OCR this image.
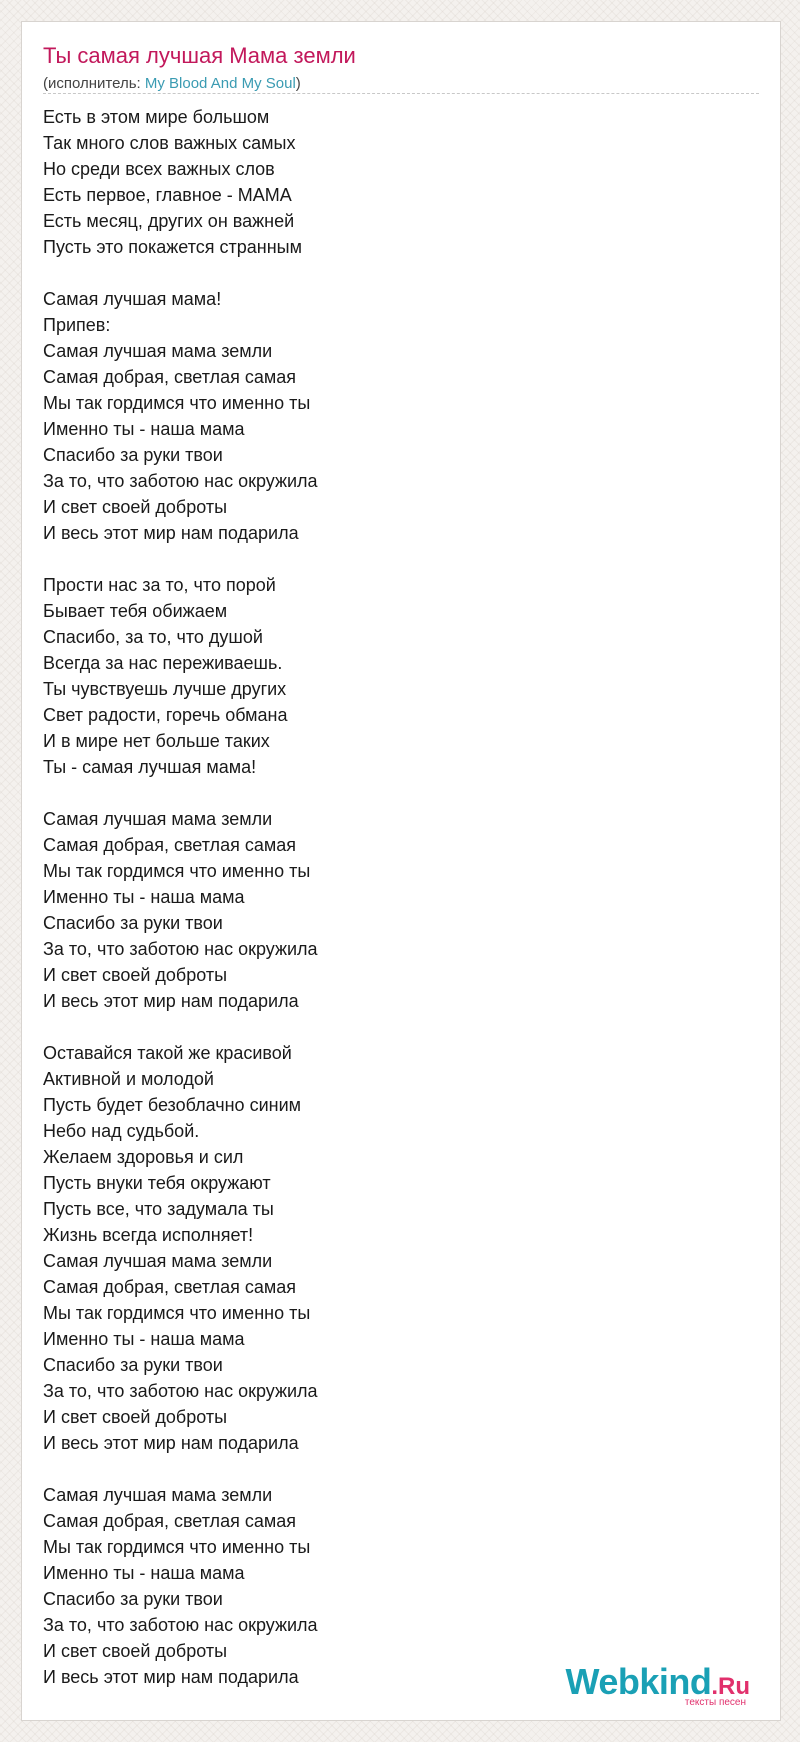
Ты самая лучшая Мама земли
(исполнитель: My Blood And My Soul)
Есть в этом мире большом
Так много слов важных самых
Но среди всех важных слов
Есть первое, главное - МАМА
Есть месяц, других он важней
Пусть это покажется странным
Самая лучшая мама!
Припев:
Самая лучшая мама земли
Самая добрая, светлая самая
Мы так гордимся что именно ты
Именно ты - наша мама
Спасибо за руки твои
За то, что заботою нас окружила
И свет своей доброты
И весь этот мир нам подарила
Прости нас за то, что порой
Бывает тебя обижаем
Спасибо, за то, что душой
Всегда за нас переживаешь.
Ты чувствуешь лучше других
Свет радости, горечь обмана
И в мире нет больше таких
Ты - самая лучшая мама!
Самая лучшая мама земли
Самая добрая, светлая самая
Мы так гордимся что именно ты
Именно ты - наша мама
Спасибо за руки твои
За то, что заботою нас окружила
И свет своей доброты
И весь этот мир нам подарила
Оставайся такой же красивой
Активной и молодой
Пусть будет безоблачно синим
Небо над судьбой.
Желаем здоровья и сил
Пусть внуки тебя окружают
Пусть все, что задумала ты
Жизнь всегда исполняет!
Самая лучшая мама земли
Самая добрая, светлая самая
Мы так гордимся что именно ты
Именно ты - наша мама
Спасибо за руки твои
За то, что заботою нас окружила
И свет своей доброты
И весь этот мир нам подарила
Самая лучшая мама земли
Самая добрая, светлая самая
Мы так гордимся что именно ты
Именно ты - наша мама
Спасибо за руки твои
За то, что заботою нас окружила
И свет своей доброты
И весь этот мир нам подарила	Webkind.Ru
тексты песен
